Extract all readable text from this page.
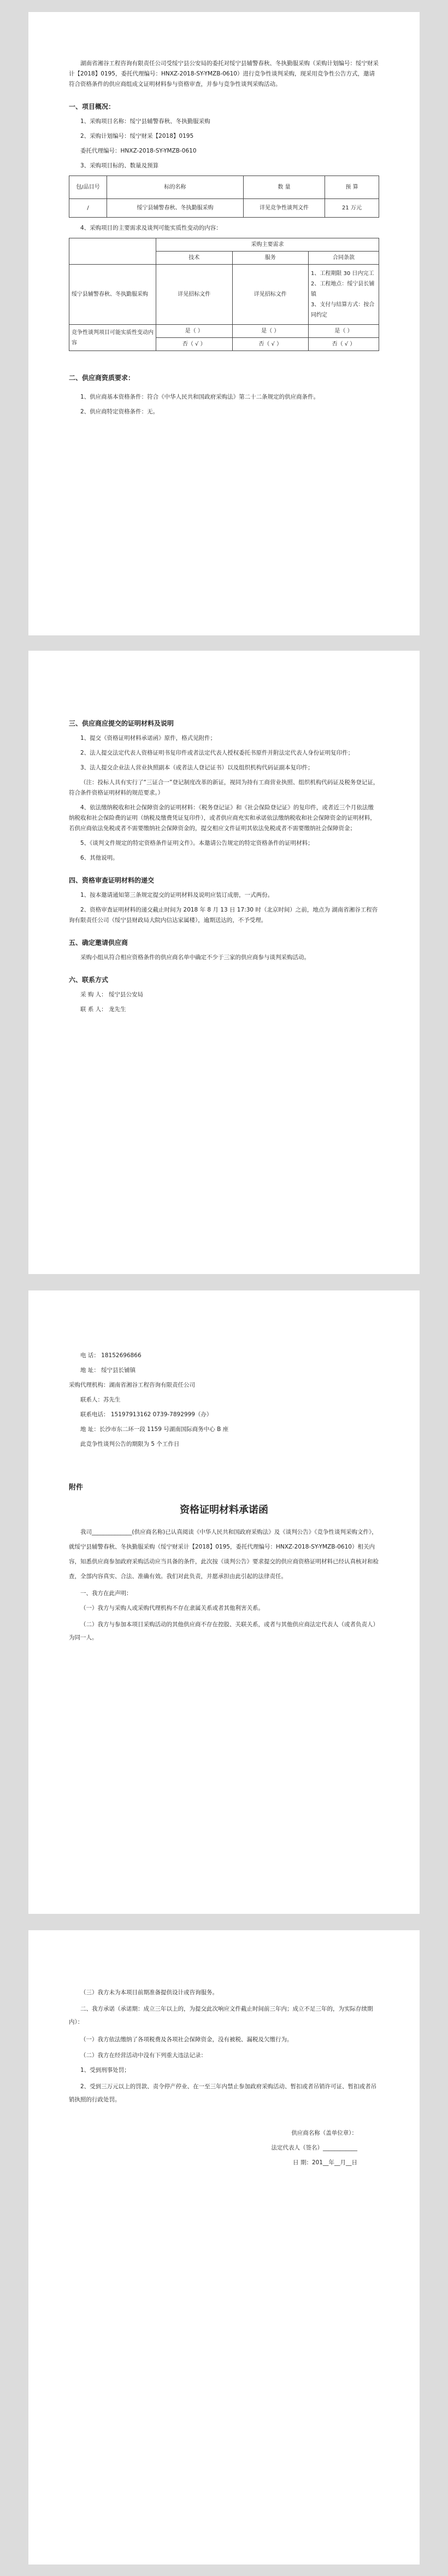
湖南省湘谷工程咨询有限责任公司受绥宁县公安局的委托对绥宁县辅警春秋、冬执勤服采购（采购计划编号：绥宁财采计【2018】0195，委托代理编号：HNXZ-2018-SY-YMZB-0610）进行竞争性谈判采购，现采用竞争性公告方式，邀请符合资格条件的供应商组成文证明材料参与资格审查，并参与竞争性谈判采购活动。

一、项目概况：

1、采购项目名称：绥宁县辅警春秋、冬执勤服采购

2、采购计划编号：绥宁财采【2018】0195

委托代理编号：HNXZ-2018-SY-YMZB-0610

3、采购项目标的、数量及预算

包/品目号	标的名称	数 量	预 算
/	绥宁县辅警春秋、冬执勤服采购	详见竞争性谈判文件	21 万元

4、采购项目的主要需求及谈判可能实质性变动的内容：

	采购主要需求		
	技术	服务	合同条款
绥宁县辅警春秋、冬执勤服采购	详见招标文件	详见招标文件	1、工程期限 30 日内完工
2、工程地点：绥宁县长铺镇
3、支付与结算方式：按合同约定
竞争性谈判项目可能实质性变动内容	是（ ）	是（ ）	是（ ）
	否（ √ ）	否（ √ ）	否（ √ ）

二、供应商资质要求：

1、供应商基本资格条件：符合《中华人民共和国政府采购法》第二十二条规定的供应商条件。

2、供应商特定资格条件：无。

三、供应商应提交的证明材料及说明

1、提交《资格证明材料承诺函》原件，格式见附件；

2、法人提交法定代表人资格证明书复印件或者法定代表人授权委托书原件并附法定代表人身份证明复印件；

3、法人提交企业法人营业执照副本（或者法人登记证书）以及组织机构代码证副本复印件；

（注：投标人具有实行了“三证合一”登记制度改革的新证，视同为持有工商营业执照、组织机构代码证及税务登记证，符合条件资格证明材料的规范要求。）

4、依法缴纳税收和社会保障资金的证明材料：《税务登记证》和《社会保险登记证》的复印件，或者近三个月依法缴纳税收和社会保险费的证明（纳税及缴费凭证复印件），或者供应商充实和承诺依法缴纳税收和社会保障资金的证明材料，若供应商依法免税或者不需要缴纳社会保障资金的，提交相应文件证明其依法免税或者不需要缴纳社会保障资金；

5、《谈判文件规定的特定资格条件证明文件》。本邀请公告规定的特定资格条件的证明材料；

6、其他说明。

四、资格审查证明材料的递交

1、按本邀请通知第三条规定提交的证明材料及说明应装订成册，一式两份。

2、资格审查证明材料的递交截止时间为 2018 年 8 月 13 日 17:30 时（北京时间）之前，地点为 湖南省湘谷工程咨询有限责任公司（绥宁县财政局大院内信达家属楼），逾期送达的，不予受理。

五、确定邀请供应商

采购小组从符合相应资格条件的供应商名单中确定不少于三家的供应商参与谈判采购活动。

六、联系方式

采 购 人： 绥宁县公安局

联 系 人： 龙先生

电 话： 18152696866

地 址： 绥宁县长铺镇

采购代理机构：湖南省湘谷工程咨询有限责任公司

联系人：苏先生

联系电话： 15197913162 0739-7892999（办）

地 址：长沙市东二环一段 1159 号湖南国际商务中心 B 座

此竞争性谈判公告的期限为 5 个工作日

附件

资格证明材料承诺函

我司______________(供应商名称)已认真阅读《中华人民共和国政府采购法》及《谈判公告》《竞争性谈判采购文件》，就绥宁县辅警春秋、冬执勤服采购（绥宁财采计【2018】0195，委托代理编号：HNXZ-2018-SY-YMZB-0610）相关内容，知悉供应商参加政府采购活动应当具备的条件，此次按《谈判公告》要求提交的供应商资格证明材料已经认真核对和检查，全部内容真实、合法、准确有效。我们对此负责，并愿承担由此引起的法律责任。

一、我方在此声明：

（一）我方与采购人或采购代理机构不存在隶属关系或者其他利害关系。

（二）我方与参加本项目采购活动的其他供应商不存在控股、关联关系，或者与其他供应商法定代表人（或者负责人）为同一人。

（三）我方未为本项目前期准备提供设计或咨询服务。

二、我方承诺（承诺期：成立三年以上的，为提交此次响应文件截止时间前三年内；成立不足三年的，为实际存续期内）：

（一）我方依法缴纳了各项税费及各项社会保障资金，没有被税、漏税及欠缴行为。

（二）我方在经营活动中没有下列重大违法记录：

1、受到刑事处罚；

2、受到三万元以上的罚款、责令停产停业、在一至三年内禁止参加政府采购活动、暂扣或者吊销许可证、暂扣或者吊销执照的行政处罚。

供应商名称（盖单位章）：

法定代表人（签名）____________

日 期：201__年__月__日
